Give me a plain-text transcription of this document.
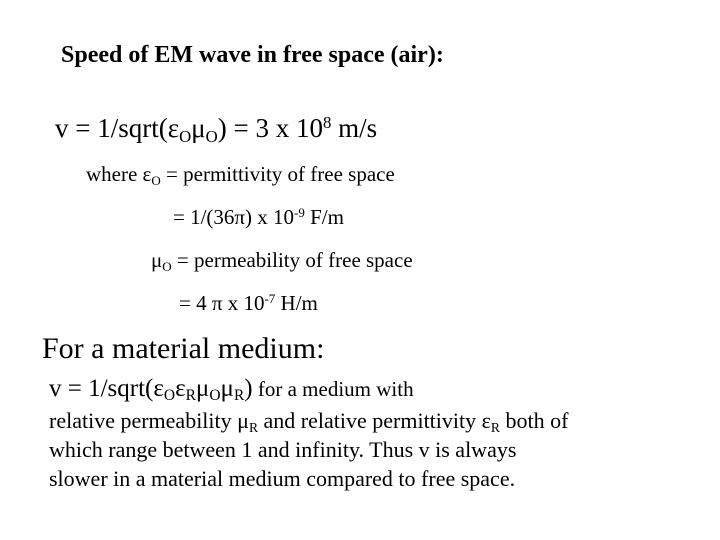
Speed of EM wave in free space (air):
$v = 1/sqrt(\varepsilon_O\mu_O) = 3$ x $10^8$ m/s
where $\varepsilon_O$ = permittivity of free space
= 1/(36π) x $10^{-9}$ F/m
$\mu_O$ = permeability of free space
= 4 π x $10^{-7}$ H/m
For a material medium:
$v = 1/sqrt(\varepsilon_O\varepsilon_R\mu_O\mu_R)$ for a medium with
relative permeability $\mu_R$ and relative permittivity $\varepsilon_R$ both of which range between 1 and infinity. Thus v is always slower in a material medium compared to free space.
